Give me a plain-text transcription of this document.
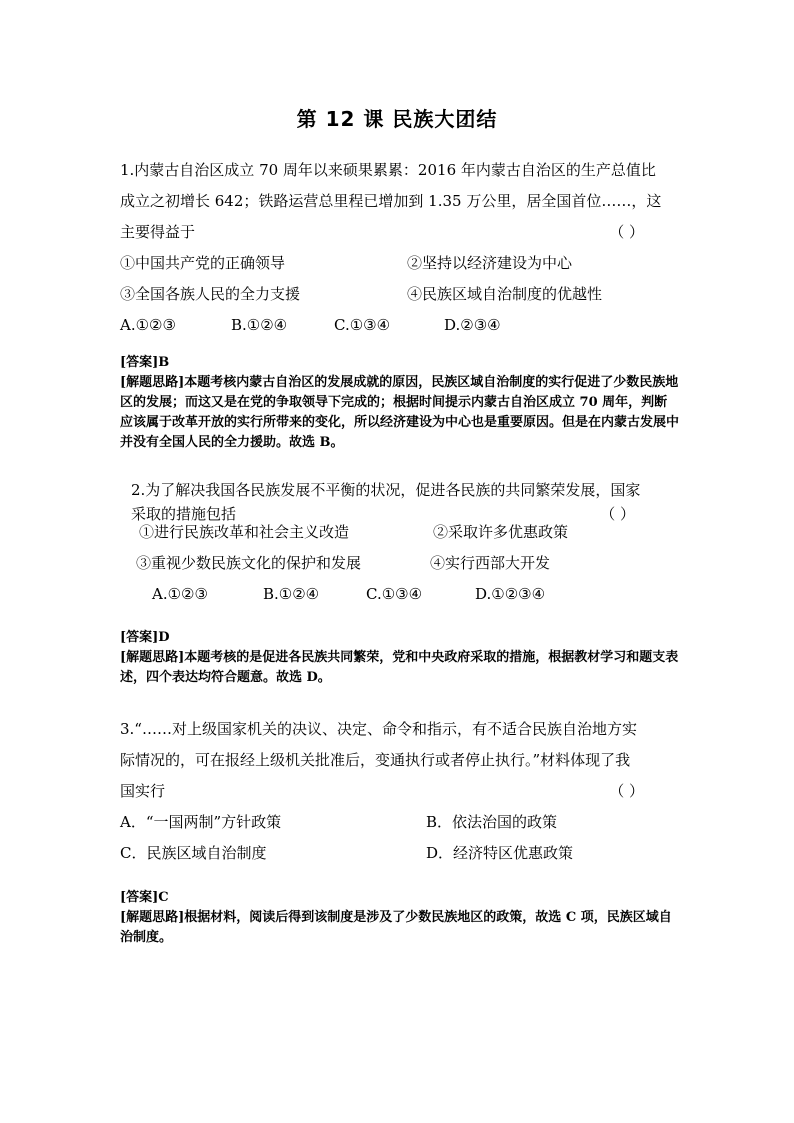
第 12 课 民族大团结
1.内蒙古自治区成立 70 周年以来硕果累累：2016 年内蒙古自治区的生产总值比
成立之初增长 642；铁路运营总里程已增加到 1.35 万公里，居全国首位……，这
主要得益于	（ ）
①中国共产党的正确领导	②坚持以经济建设为中心
③全国各族人民的全力支援	④民族区域自治制度的优越性
A.①②③	B.①②④	C.①③④	D.②③④

[答案]B

[解题思路]本题考核内蒙古自治区的发展成就的原因，民族区域自治制度的实行促进了少数民族地区的发展；而这又是在党的争取领导下完成的；根据时间提示内蒙古自治区成立 70 周年，判断应该属于改革开放的实行所带来的变化，所以经济建设为中心也是重要原因。但是在内蒙古发展中并没有全国人民的全力援助。故选 B。

2.为了解决我国各民族发展不平衡的状况，促进各民族的共同繁荣发展，国家
采取的措施包括	（ ）
①进行民族改革和社会主义改造	②采取许多优惠政策
③重视少数民族文化的保护和发展	④实行西部大开发
A.①②③	B.①②④	C.①③④	D.①②③④

[答案]D

[解题思路]本题考核的是促进各民族共同繁荣，党和中央政府采取的措施，根据教材学习和题支表述，四个表达均符合题意。故选 D。

3.“……对上级国家机关的决议、决定、命令和指示，有不适合民族自治地方实
际情况的，可在报经上级机关批准后，变通执行或者停止执行。”材料体现了我
国实行	（ ）
A．“一国两制”方针政策	B．依法治国的政策
C．民族区域自治制度	D．经济特区优惠政策

[答案]C

[解题思路]根据材料，阅读后得到该制度是涉及了少数民族地区的政策，故选 C 项，民族区域自治制度。
